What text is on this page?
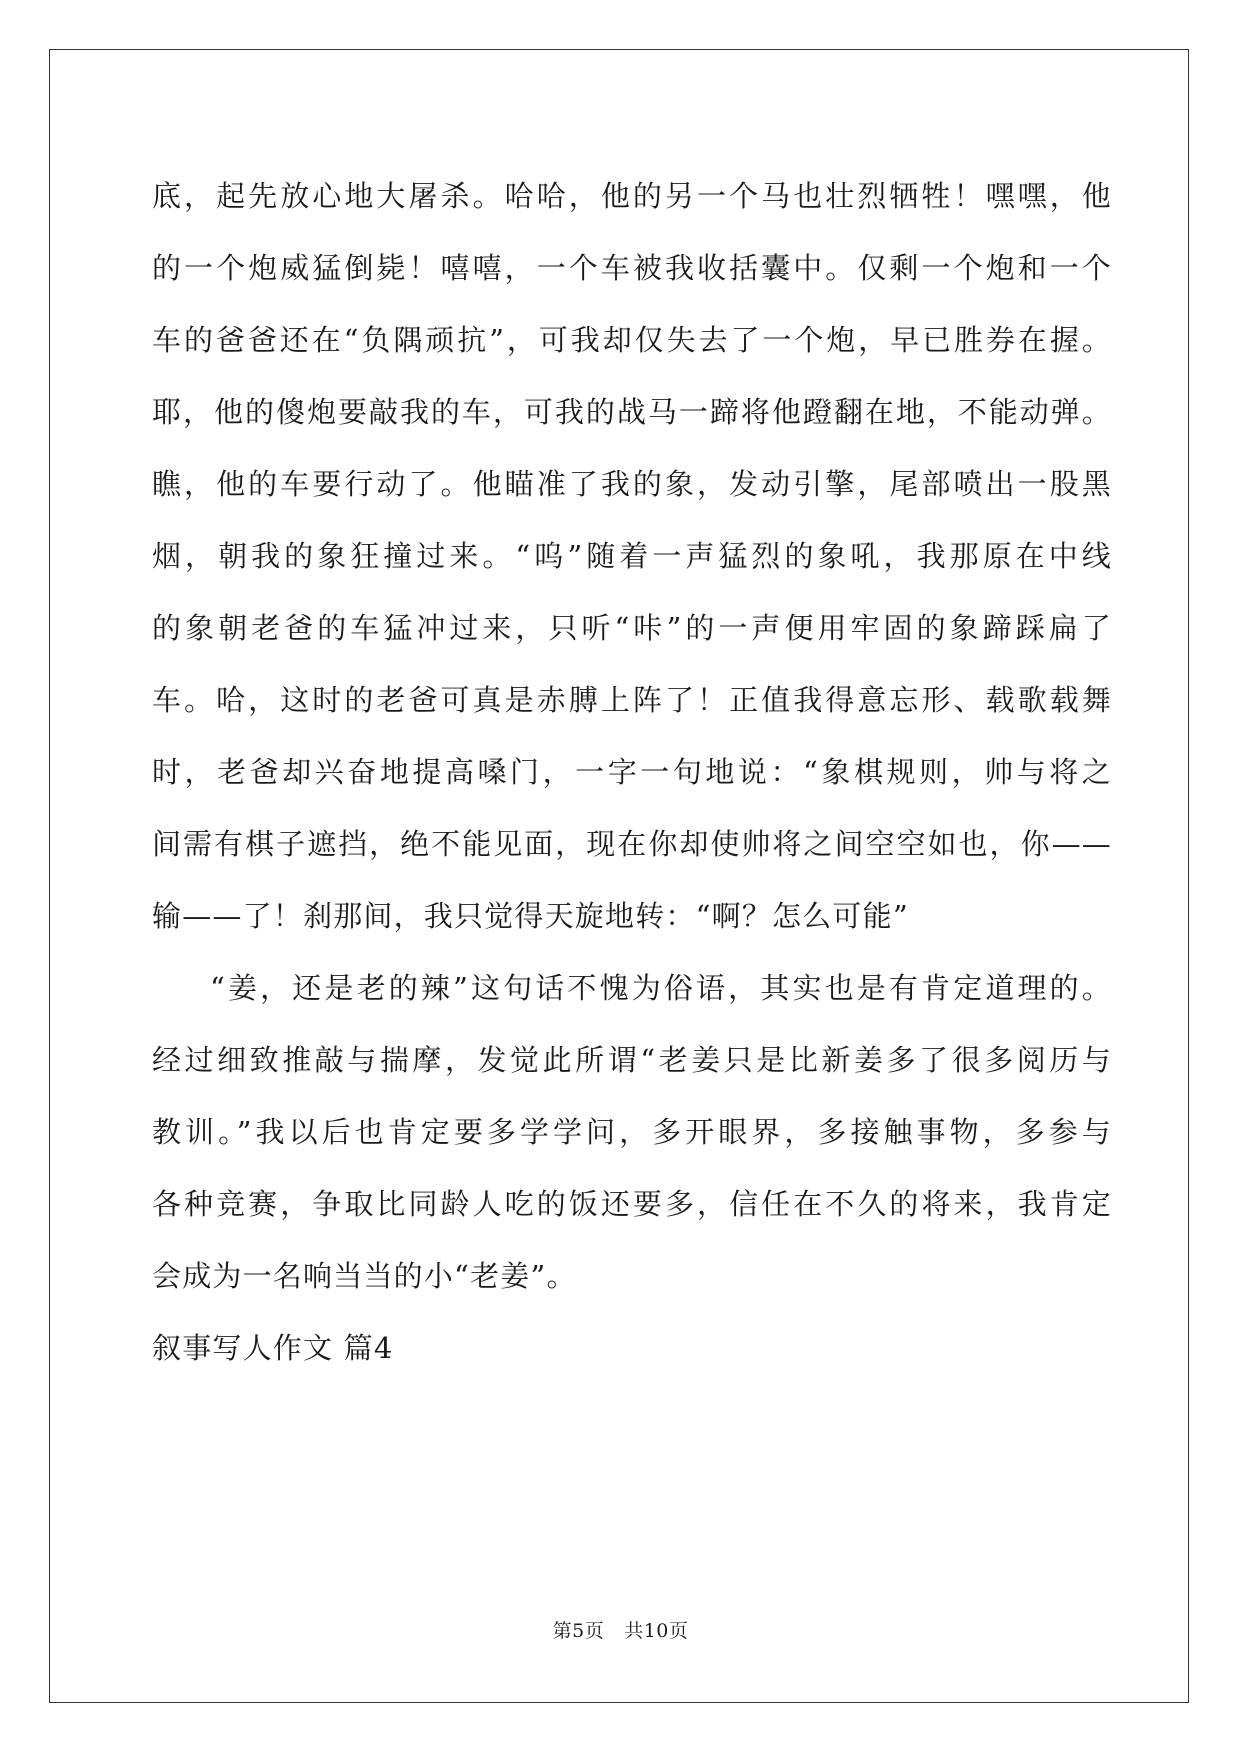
底，起先放心地大屠杀。哈哈，他的另一个马也壮烈牺牲！嘿嘿，他
的一个炮威猛倒毙！嘻嘻，一个车被我收括囊中。仅剩一个炮和一个
车的爸爸还在“负隅顽抗”，可我却仅失去了一个炮，早已胜券在握。
耶，他的傻炮要敲我的车，可我的战马一蹄将他蹬翻在地，不能动弹。
瞧，他的车要行动了。他瞄准了我的象，发动引擎，尾部喷出一股黑
烟，朝我的象狂撞过来。“呜”随着一声猛烈的象吼，我那原在中线
的象朝老爸的车猛冲过来，只听“咔”的一声便用牢固的象蹄踩扁了
车。哈，这时的老爸可真是赤膊上阵了！正值我得意忘形、载歌载舞
时，老爸却兴奋地提高嗓门，一字一句地说：“象棋规则，帅与将之
间需有棋子遮挡，绝不能见面，现在你却使帅将之间空空如也，你——
输——了！刹那间，我只觉得天旋地转：“啊？怎么可能”
“姜，还是老的辣”这句话不愧为俗语，其实也是有肯定道理的。
经过细致推敲与揣摩，发觉此所谓“老姜只是比新姜多了很多阅历与
教训。”我以后也肯定要多学学问，多开眼界，多接触事物，多参与
各种竞赛，争取比同龄人吃的饭还要多，信任在不久的将来，我肯定
会成为一名响当当的小“老姜”。
叙事写人作文 篇4
第5页 共10页
